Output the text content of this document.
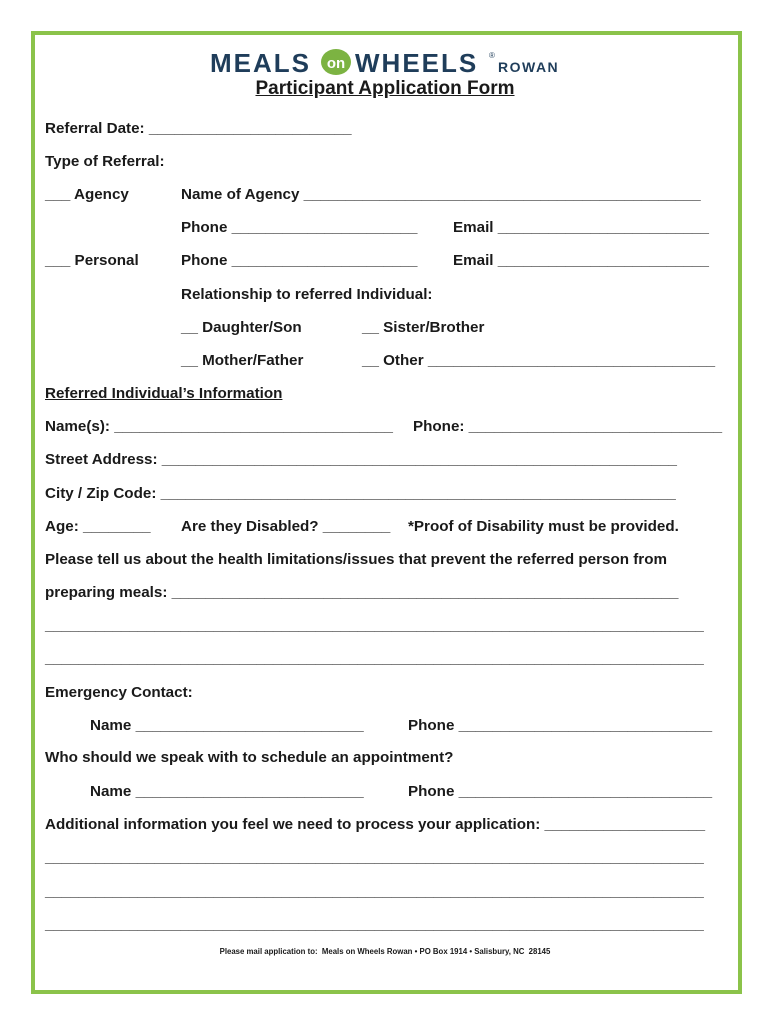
MEALS on WHEELS ®
ROWAN
Participant Application Form
Referral Date: ________________________
Type of Referral:
___ Agency	Name of Agency _______________________________________________
Phone ______________________ Email _________________________
___ Personal	Phone ______________________ Email _________________________
Relationship to referred Individual:
__ Daughter/Son	__ Sister/Brother
__ Mother/Father	__ Other __________________________________
Referred Individual’s Information
Name(s): _________________________________ Phone: ______________________________
Street Address: _____________________________________________________________
City / Zip Code: _____________________________________________________________
Age: ________ Are they Disabled? ________ *Proof of Disability must be provided.
Please tell us about the health limitations/issues that prevent the referred person from
preparing meals: ____________________________________________________________
______________________________________________________________________________
______________________________________________________________________________
Emergency Contact:
Name ___________________________	Phone ______________________________
Who should we speak with to schedule an appointment?
Name ___________________________	Phone ______________________________
Additional information you feel we need to process your application: ___________________
______________________________________________________________________________
______________________________________________________________________________
______________________________________________________________________________
Please mail application to:  Meals on Wheels Rowan • PO Box 1914 • Salisbury, NC  28145
